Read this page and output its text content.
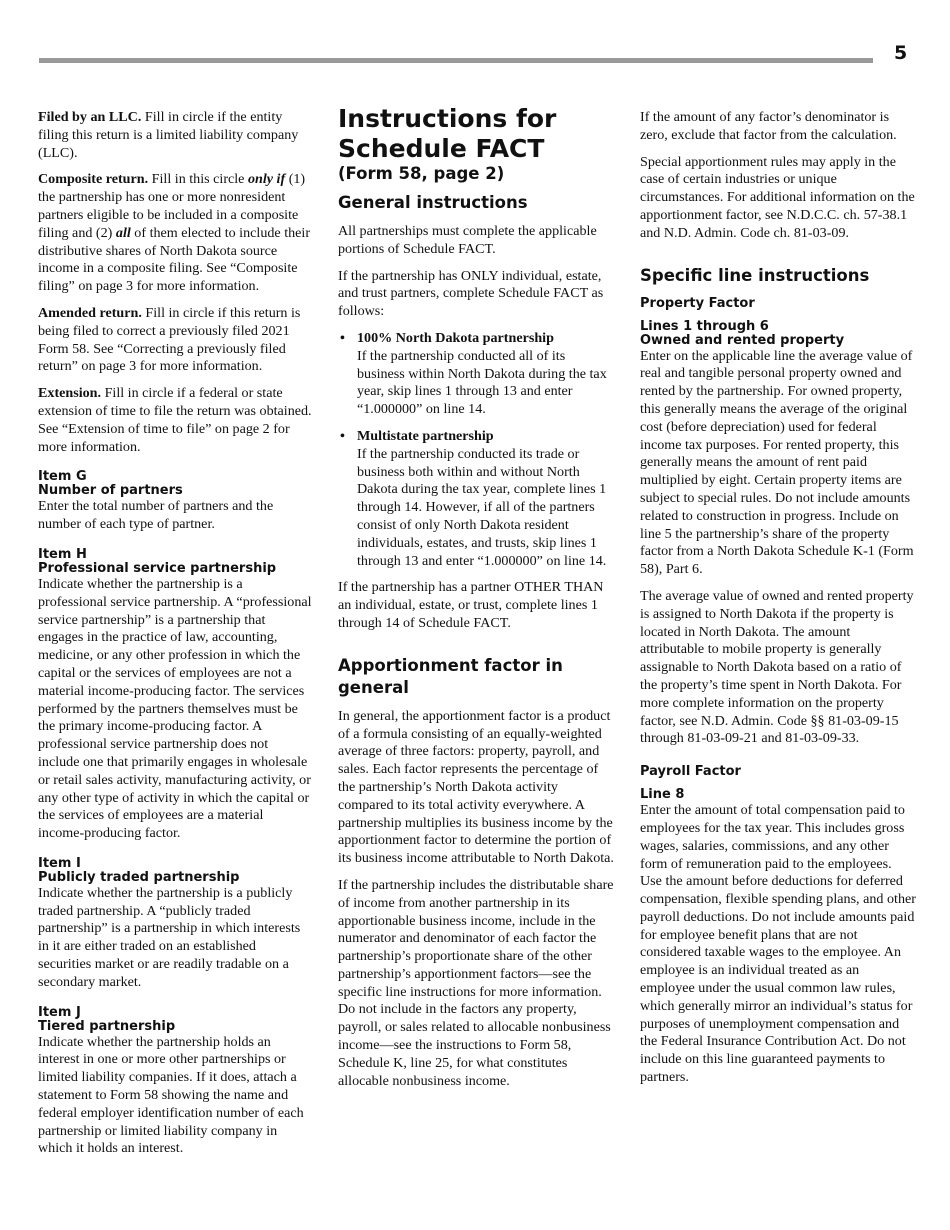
5

Filed by an LLC. Fill in circle if the entity filing this return is a limited liability company (LLC).

Composite return. Fill in this circle only if (1) the partnership has one or more nonresident partners eligible to be included in a composite filing and (2) all of them elected to include their distributive shares of North Dakota source income in a composite filing. See “Composite filing” on page 3 for more information.

Amended return. Fill in circle if this return is being filed to correct a previously filed 2021 Form 58. See “Correcting a previously filed return” on page 3 for more information.

Extension. Fill in circle if a federal or state extension of time to file the return was obtained. See “Extension of time to file” on page 2 for more information.

Item G
Number of partners

Enter the total number of partners and the number of each type of partner.

Item H
Professional service partnership

Indicate whether the partnership is a professional service partnership. A “professional service partnership” is a partnership that engages in the practice of law, accounting, medicine, or any other profession in which the capital or the services of employees are not a material income-producing factor. The services performed by the partners themselves must be the primary income-producing factor. A professional service partnership does not include one that primarily engages in wholesale or retail sales activity, manufacturing activity, or any other type of activity in which the capital or the services of employees are a material income-producing factor.

Item I
Publicly traded partnership

Indicate whether the partnership is a publicly traded partnership. A “publicly traded partnership” is a partnership in which interests in it are either traded on an established securities market or are readily tradable on a secondary market.

Item J
Tiered partnership

Indicate whether the partnership holds an interest in one or more other partnerships or limited liability companies. If it does, attach a statement to Form 58 showing the name and federal employer identification number of each partnership or limited liability company in which it holds an interest.

Instructions for
Schedule FACT
(Form 58, page 2)
General instructions

All partnerships must complete the applicable portions of Schedule FACT.

If the partnership has ONLY individual, estate, and trust partners, complete Schedule FACT as follows:

• 100% North Dakota partnership
If the partnership conducted all of its business within North Dakota during the tax year, skip lines 1 through 13 and enter “1.000000” on line 14.
• Multistate partnership
If the partnership conducted its trade or business both within and without North Dakota during the tax year, complete lines 1 through 14. However, if all of the partners consist of only North Dakota resident individuals, estates, and trusts, skip lines 1 through 13 and enter “1.000000” on line 14.

If the partnership has a partner OTHER THAN an individual, estate, or trust, complete lines 1 through 14 of Schedule FACT.

Apportionment factor in general

In general, the apportionment factor is a product of a formula consisting of an equally-weighted average of three factors: property, payroll, and sales. Each factor represents the percentage of the partnership’s North Dakota activity compared to its total activity everywhere. A partnership multiplies its business income by the apportionment factor to determine the portion of its business income attributable to North Dakota.

If the partnership includes the distributable share of income from another partnership in its apportionable business income, include in the numerator and denominator of each factor the partnership’s proportionate share of the other partnership’s apportionment factors—see the specific line instructions for more information. Do not include in the factors any property, payroll, or sales related to allocable nonbusiness income—see the instructions to Form 58, Schedule K, line 25, for what constitutes allocable nonbusiness income.

If the amount of any factor’s denominator is zero, exclude that factor from the calculation.

Special apportionment rules may apply in the case of certain industries or unique circumstances. For additional information on the apportionment factor, see N.D.C.C. ch. 57-38.1 and N.D. Admin. Code ch. 81-03-09.

Specific line instructions
Property Factor
Lines 1 through 6
Owned and rented property

Enter on the applicable line the average value of real and tangible personal property owned and rented by the partnership. For owned property, this generally means the average of the original cost (before depreciation) used for federal income tax purposes. For rented property, this generally means the amount of rent paid multiplied by eight. Certain property items are subject to special rules. Do not include amounts related to construction in progress. Include on line 5 the partnership’s share of the property factor from a North Dakota Schedule K-1 (Form 58), Part 6.

The average value of owned and rented property is assigned to North Dakota if the property is located in North Dakota. The amount attributable to mobile property is generally assignable to North Dakota based on a ratio of the property’s time spent in North Dakota. For more complete information on the property factor, see N.D. Admin. Code §§ 81-03-09-15 through 81-03-09-21 and 81-03-09-33.

Payroll Factor
Line 8

Enter the amount of total compensation paid to employees for the tax year. This includes gross wages, salaries, commissions, and any other form of remuneration paid to the employees. Use the amount before deductions for deferred compensation, flexible spending plans, and other payroll deductions. Do not include amounts paid for employee benefit plans that are not considered taxable wages to the employee. An employee is an individual treated as an employee under the usual common law rules, which generally mirror an individual’s status for purposes of unemployment compensation and the Federal Insurance Contribution Act. Do not include on this line guaranteed payments to partners.
